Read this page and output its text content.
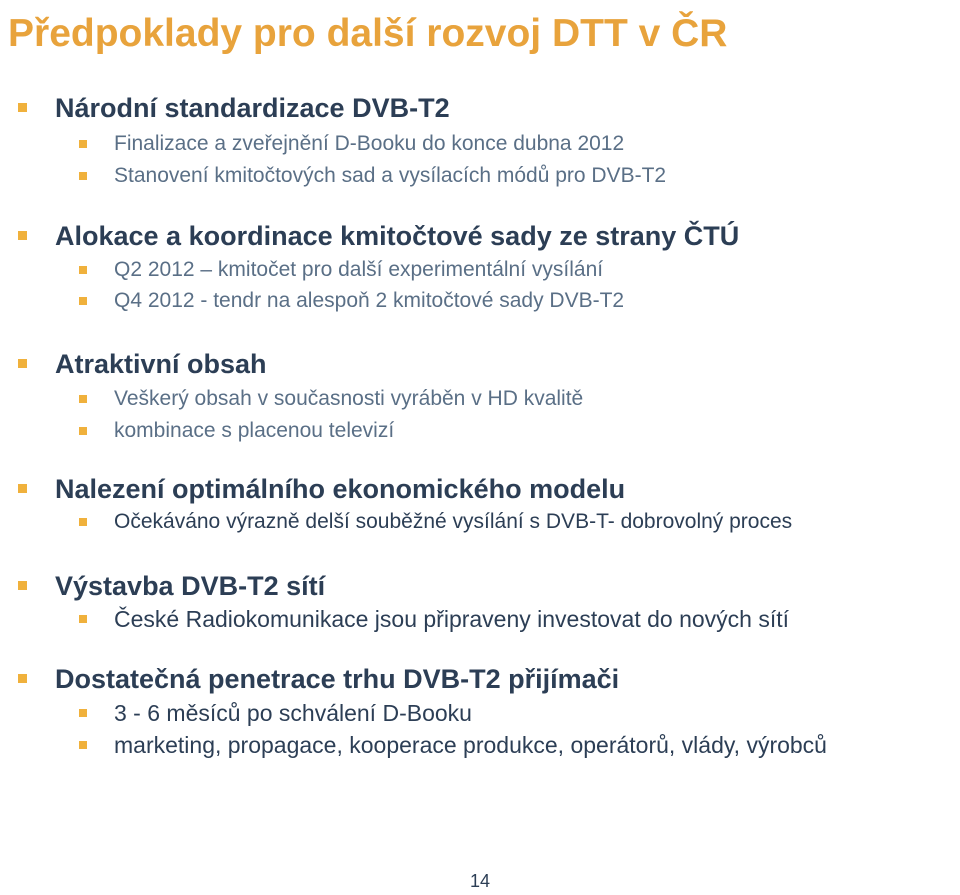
Předpoklady pro další rozvoj DTT v ČR
Národní standardizace DVB-T2
Finalizace a zveřejnění D-Booku do konce dubna 2012
Stanovení kmitočtových sad a vysílacích módů pro DVB-T2
Alokace a koordinace kmitočtové sady ze strany ČTÚ
Q2 2012 – kmitočet pro další experimentální vysílání
Q4 2012 - tendr na alespoň 2 kmitočtové sady DVB-T2
Atraktivní obsah
Veškerý obsah v současnosti vyráběn v HD kvalitě
kombinace s placenou televizí
Nalezení optimálního ekonomického modelu
Očekáváno výrazně delší souběžné vysílání s DVB-T- dobrovolný proces
Výstavba DVB-T2 sítí
České Radiokomunikace jsou připraveny investovat do nových sítí
Dostatečná penetrace trhu DVB-T2 přijímači
3 - 6 měsíců po schválení D-Booku
marketing, propagace, kooperace produkce, operátorů, vlády, výrobců
14
